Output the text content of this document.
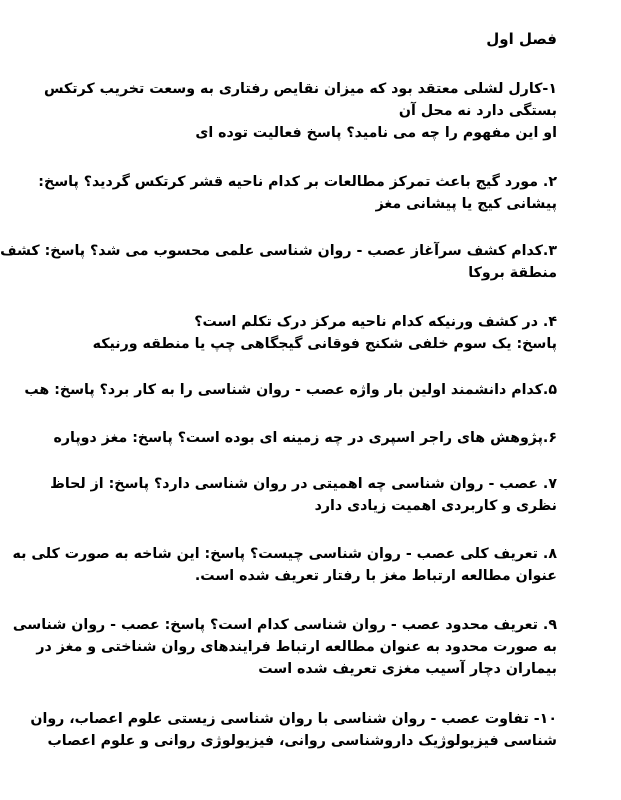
فصل اول
۱-کارل لشلی معتقد بود که میزان نقایص رفتاری به وسعت تخریب کرتکس
بستگی دارد نه محل آن
او این مفهوم را چه می نامید؟ پاسخ فعالیت توده ای
۲. مورد گیج باعث تمرکز مطالعات بر کدام ناحیه قشر کرتکس گردید؟ پاسخ:
پیشانی کیج یا پیشانی مغز
۳.کدام کشف سرآغاز عصب - روان شناسی علمی محسوب می شد؟ پاسخ: کشف
منطقة بروکا
۴. در کشف ورنیکه کدام ناحیه مرکز درک تکلم است؟
پاسخ: یک سوم خلفی شکنج فوقانی گیجگاهی چپ یا منطقه ورنیکه
۵.کدام دانشمند اولین بار واژه عصب - روان شناسی را به کار برد؟ پاسخ: هب
۶.پژوهش های راجر اسپری در چه زمینه ای بوده است؟ پاسخ: مغز دوپاره
۷. عصب - روان شناسی چه اهمیتی در روان شناسی دارد؟ پاسخ: از لحاظ
نظری و کاربردی اهمیت زیادی دارد
۸. تعریف کلی عصب - روان شناسی چیست؟ پاسخ: این شاخه به صورت کلی به
عنوان مطالعه ارتباط مغز با رفتار تعریف شده است.
۹. تعریف محدود عصب - روان شناسی کدام است؟ پاسخ: عصب - روان شناسی
به صورت محدود به عنوان مطالعه ارتباط فرایندهای روان شناختی و مغز در
بیماران دچار آسیب مغزی تعریف شده است
۱۰- تفاوت عصب - روان شناسی با روان شناسی زیستی علوم اعصاب، روان
شناسی فیزیولوژیک داروشناسی روانی، فیزیولوژی روانی و علوم اعصاب
